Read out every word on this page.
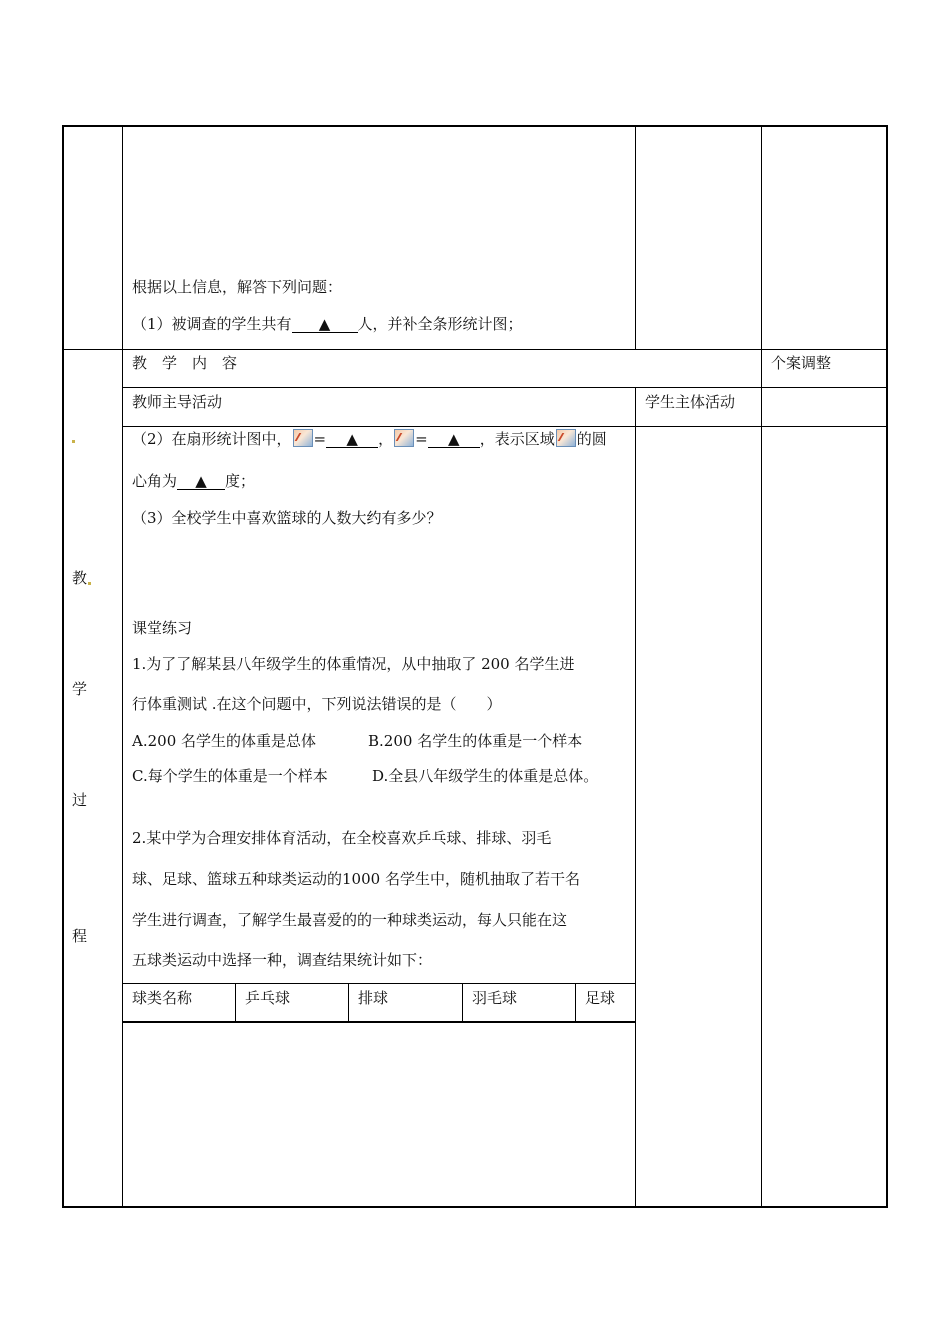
根据以上信息，解答下列问题：
（1）被调查的学生共有 ▲ 人，并补全条形统计图；
教　学　内　容	个案调整
教师主导活动	学生主体活动
教
学
过
程
（2）在扇形统计图中， = ▲ ， = ▲ ，表示区域 的圆
心角为 ▲ 度；
（3）全校学生中喜欢篮球的人数大约有多少？
课堂练习
1.为了了解某县八年级学生的体重情况，从中抽取了 200 名学生进
行体重测试 .在这个问题中，下列说法错误的是（　　）
A.200 名学生的体重是总体	B.200 名学生的体重是一个样本
C.每个学生的体重是一个样本	D.全县八年级学生的体重是总体。
2.某中学为合理安排体育活动，在全校喜欢乒乓球、排球、羽毛
球、足球、篮球五种球类运动的1000 名学生中，随机抽取了若干名
学生进行调查，了解学生最喜爱的的一种球类运动，每人只能在这
五球类运动中选择一种，调查结果统计如下：
球类名称	乒乓球	排球	羽毛球	足球
